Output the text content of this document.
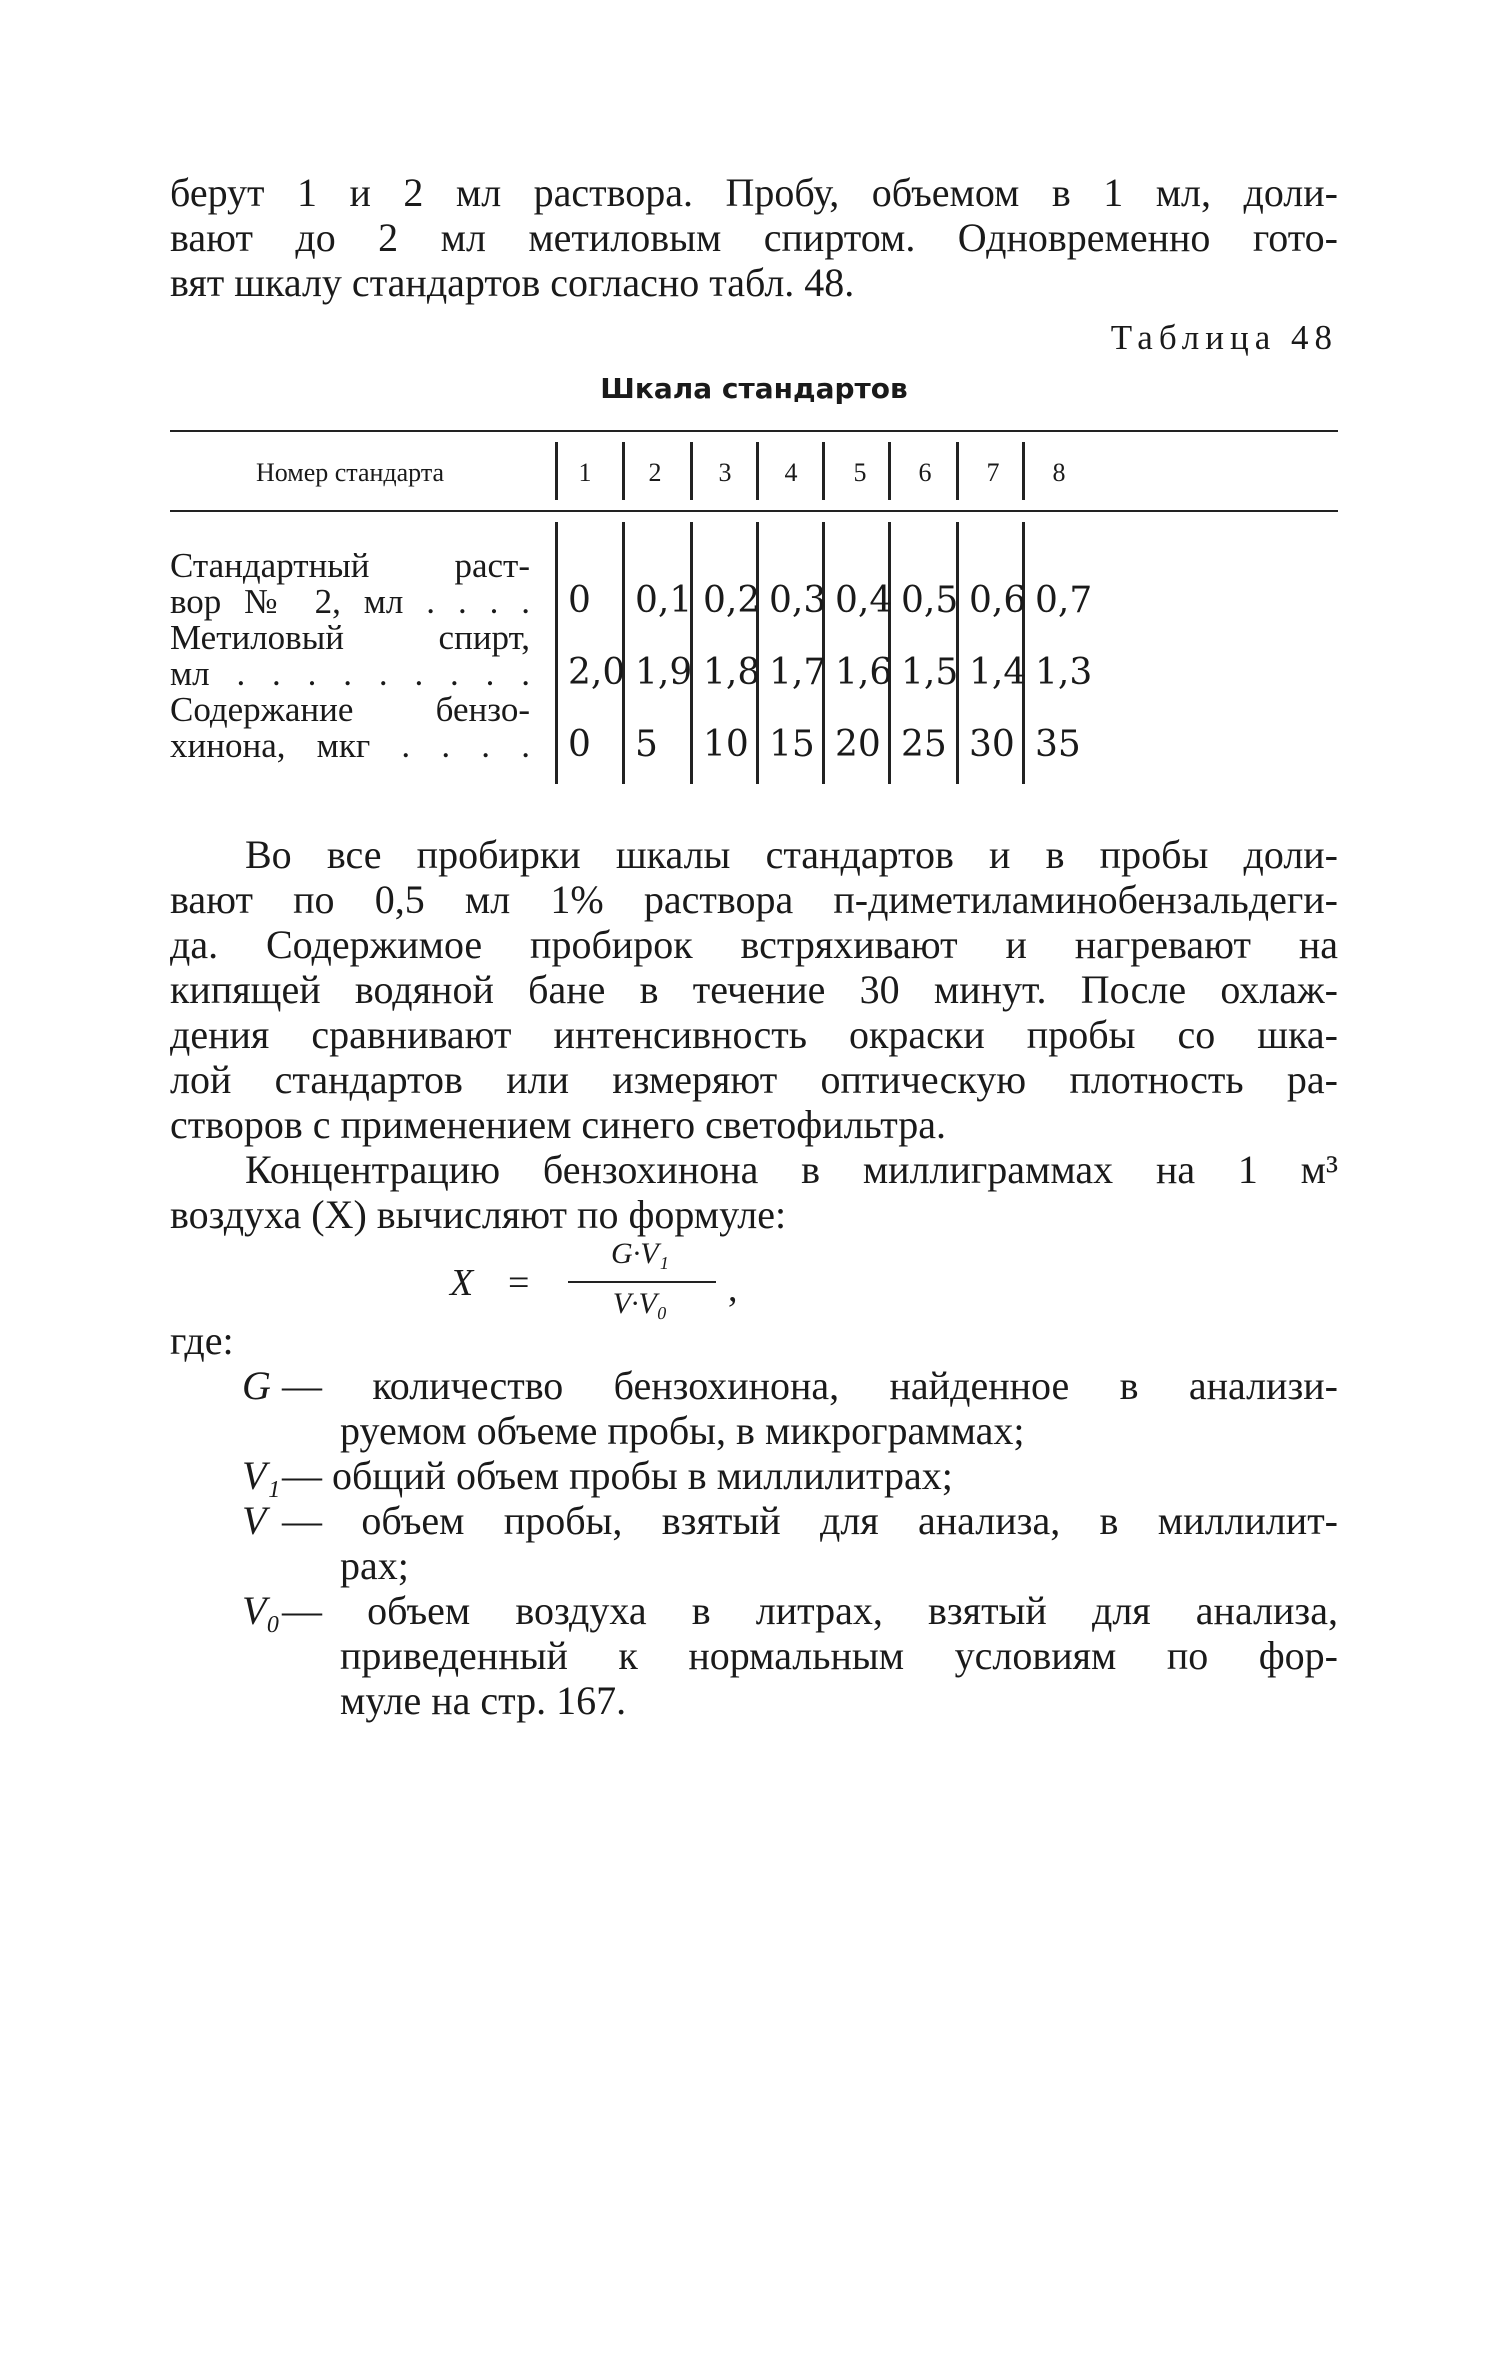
берут 1 и 2 мл раствора. Пробу, объемом в 1 мл, доли-

вают до 2 мл метиловым спиртом. Одновременно гото-

вят шкалу стандартов согласно табл. 48.

Таблица 48
Шкала стандартов
Номер стандарта	1	2	3	4	5	6	7	8
Стандартный раст-
вор № 2, мл . . . . 0 0,1 0,2 0,3 0,4 0,5 0,6 0,7
Метиловый спирт,
мл . . . . . . . . . 2,0 1,9 1,8 1,7 1,6 1,5 1,4 1,3
Содержание бензо-
хинона, мкг . . . . 0 5 10 15 20 25 30 35

Во все пробирки шкалы стандартов и в пробы доли-

вают по 0,5 мл 1% раствора п-диметиламинобензальдеги-

да. Содержимое пробирок встряхивают и нагревают на

кипящей водяной бане в течение 30 минут. После охлаж-

дения сравнивают интенсивность окраски пробы со шка-

лой стандартов или измеряют оптическую плотность ра-

створов с применением синего светофильтра.

Концентрацию бензохинона в миллиграммах на 1 м³

воздуха (X) вычисляют по формуле:

X =
G·V₁
V·V₀	,

где:

G — количество бензохинона, найденное в анализи-

руемом объеме пробы, в микрограммах;

V₁ — общий объем пробы в миллилитрах;

V — объем пробы, взятый для анализа, в миллилит-

рах;

V₀ — объем воздуха в литрах, взятый для анализа,

приведенный к нормальным условиям по фор-

муле на стр. 167.
